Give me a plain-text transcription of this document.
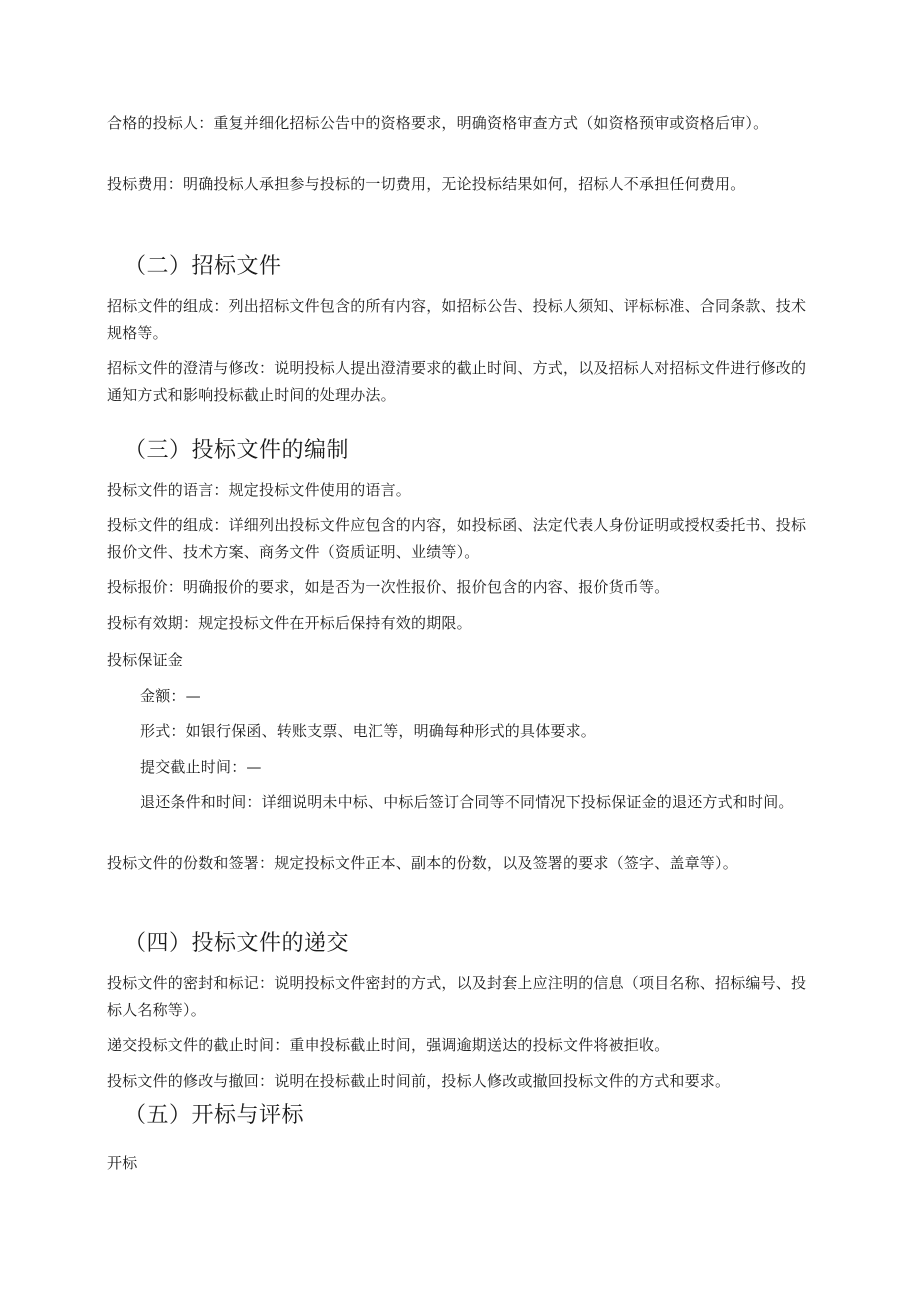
合格的投标人：重复并细化招标公告中的资格要求，明确资格审查方式（如资格预审或资格后审）。

投标费用：明确投标人承担参与投标的一切费用，无论投标结果如何，招标人不承担任何费用。

（二）招标文件

招标文件的组成：列出招标文件包含的所有内容，如招标公告、投标人须知、评标标准、合同条款、技术规格等。

招标文件的澄清与修改：说明投标人提出澄清要求的截止时间、方式，以及招标人对招标文件进行修改的通知方式和影响投标截止时间的处理办法。

（三）投标文件的编制

投标文件的语言：规定投标文件使用的语言。

投标文件的组成：详细列出投标文件应包含的内容，如投标函、法定代表人身份证明或授权委托书、投标报价文件、技术方案、商务文件（资质证明、业绩等）。

投标报价：明确报价的要求，如是否为一次性报价、报价包含的内容、报价货币等。

投标有效期：规定投标文件在开标后保持有效的期限。

投标保证金

金额：—

形式：如银行保函、转账支票、电汇等，明确每种形式的具体要求。

提交截止时间：—

退还条件和时间：详细说明未中标、中标后签订合同等不同情况下投标保证金的退还方式和时间。

投标文件的份数和签署：规定投标文件正本、副本的份数，以及签署的要求（签字、盖章等）。

（四）投标文件的递交

投标文件的密封和标记：说明投标文件密封的方式，以及封套上应注明的信息（项目名称、招标编号、投标人名称等）。

递交投标文件的截止时间：重申投标截止时间，强调逾期送达的投标文件将被拒收。

投标文件的修改与撤回：说明在投标截止时间前，投标人修改或撤回投标文件的方式和要求。

（五）开标与评标

开标
